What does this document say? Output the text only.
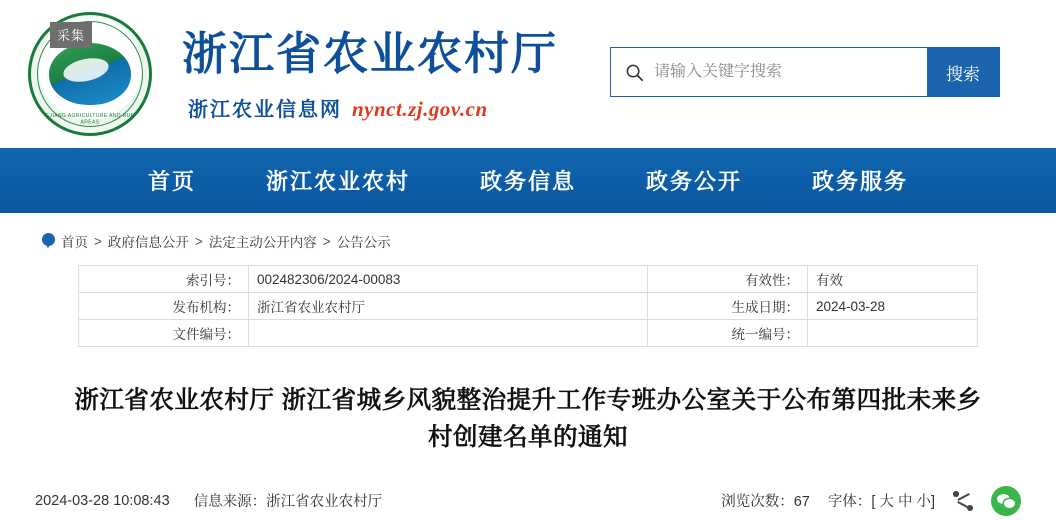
采集
ZHEJIANG AGRICULTURE AND RURAL AREAS
浙江省农业农村厅
浙江农业信息网 nynct.zj.gov.cn
请输入关键字搜索
搜索
首页	浙江农业农村	政务信息	政务公开	政务服务
首页 > 政府信息公开 > 法定主动公开内容 > 公告公示
索引号：	002482306/2024-00083	有效性：	有效
发布机构：	浙江省农业农村厅	生成日期：	2024-03-28
文件编号：		统一编号：	
浙江省农业农村厅 浙江省城乡风貌整治提升工作专班办公室关于公布第四批未来乡村创建名单的通知
2024-03-28 10:08:43 信息来源：浙江省农业农村厅	浏览次数：67 字体：[ 大 中 小]
